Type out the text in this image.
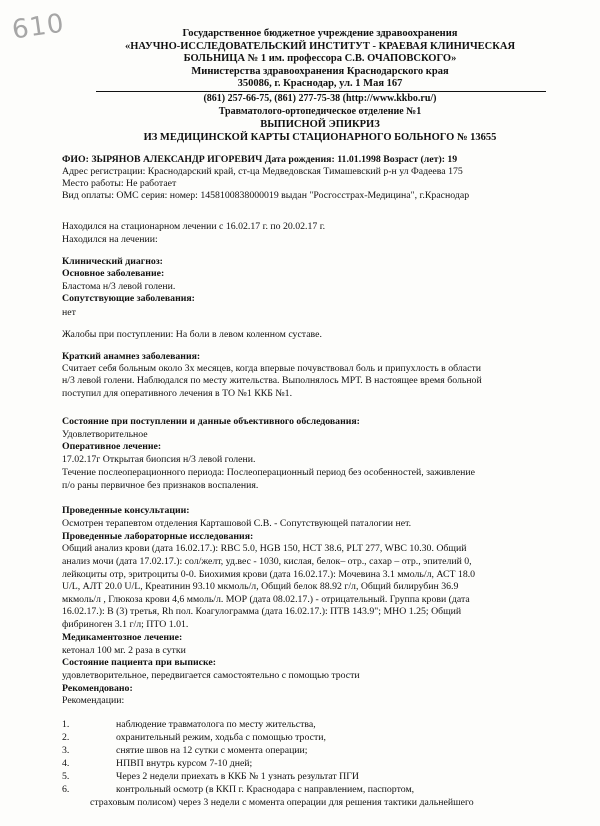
610	Государственное бюджетное учреждение здравоохранения
«НАУЧНО-ИССЛЕДОВАТЕЛЬСКИЙ ИНСТИТУТ - КРАЕВАЯ КЛИНИЧЕСКАЯ
БОЛЬНИЦА № 1 им. профессора С.В. ОЧАПОВСКОГО»
Министерства здравоохранения Краснодарского края
350086, г. Краснодар, ул. 1 Мая 167
(861) 257-66-75, (861) 277-75-38 (http://www.kkbo.ru/)
Травматолого-ортопедическое отделение №1
ВЫПИСНОЙ ЭПИКРИЗ
ИЗ МЕДИЦИНСКОЙ КАРТЫ СТАЦИОНАРНОГО БОЛЬНОГО № 13655
ФИО: ЗЫРЯНОВ АЛЕКСАНДР ИГОРЕВИЧ Дата рождения: 11.01.1998 Возраст (лет): 19
Адрес регистрации: Краснодарский край, ст-ца Медведовская Тимашевский р-н ул Фадеева 175
Место работы: Не работает
Вид оплаты: ОМС серия: номер: 1458100838000019 выдан "Росгосстрах-Медицина", г.Краснодар
Находился на стационарном лечении с 16.02.17 г. по 20.02.17 г.
Находился на лечении:
Клинический диагноз:
Основное заболевание:
Бластома н/3 левой голени.
Сопутствующие заболевания:
нет
Жалобы при поступлении: На боли в левом коленном суставе.
Краткий анамнез заболевания:
Считает себя больным около 3х месяцев, когда впервые почувствовал боль и припухлость в области
н/3 левой голени. Наблюдался по месту жительства. Выполнялось МРТ. В настоящее время больной
поступил для оперативного лечения в ТО №1 ККБ №1.
Состояние при поступлении и данные объективного обследования:
Удовлетворительное
Оперативное лечение:
17.02.17г Открытая биопсия н/3 левой голени.
Течение послеоперационного периода: Послеоперационный период без особенностей, заживление
п/о раны первичное без признаков воспаления.
Проведенные консультации:
Осмотрен терапевтом отделения Карташовой С.В. - Сопутствующей паталогии нет.
Проведенные лабораторные исследования:
Общий анализ крови (дата 16.02.17.): RBC 5.0, HGB 150, HCT 38.6, PLT 277, WBC 10.30. Общий
анализ мочи (дата 17.02.17.): сол/желт, уд.вес - 1030, кислая, белок– отр., сахар – отр., эпителий 0,
лейкоциты отр, эритроциты 0-0. Биохимия крови (дата 16.02.17.): Мочевина 3.1 ммоль/л, АСТ 18.0
U/L, АЛТ 20.0 U/L, Креатинин 93.10 мкмоль/л, Общий белок 88.92 г/л, Общий билирубин 36.9
мкмоль/л , Глюкоза крови 4,6 ммоль/л. МОР (дата 08.02.17.) - отрицательный. Группа крови (дата
16.02.17.): В (3) третья, Rh пол. Коагулограмма (дата 16.02.17.): ПТВ 143.9"; МНО 1.25; Общий
фибриноген 3.1 г/л; ПТО 1.01.
Медикаментозное лечение:
кетонал 100 мг. 2 раза в сутки
Состояние пациента при выписке:
удовлетворительное, передвигается самостоятельно с помощью трости
Рекомендовано:
Рекомендации:
1.	наблюдение травматолога по месту жительства,
2.	охранительный режим, ходьба с помощью трости,
3.	снятие швов на 12 сутки с момента операции;
4.	НПВП внутрь курсом 7-10 дней;
5.	Через 2 недели приехать в ККБ № 1 узнать результат ПГИ
6.	контрольный осмотр (в ККП г. Краснодара с направлением, паспортом,
страховым полисом) через 3 недели с момента операции для решения тактики дальнейшего
